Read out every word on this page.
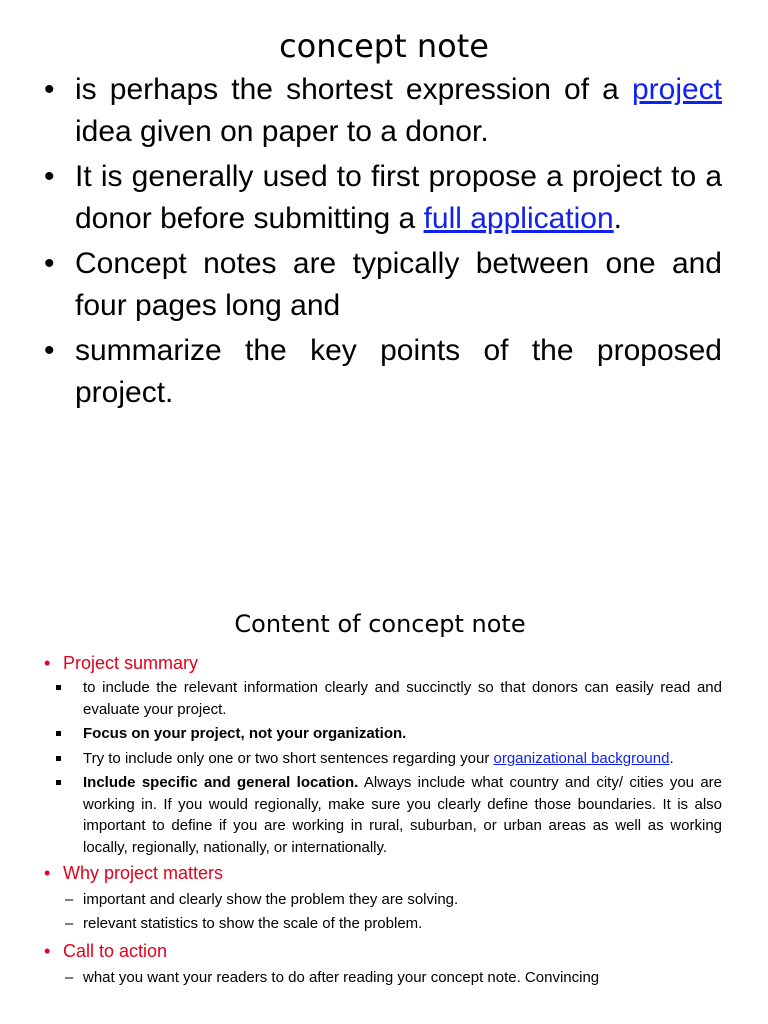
concept note
• is perhaps the shortest expression of a project idea given on paper to a donor.
• It is generally used to first propose a project to a donor before submitting a full application.
• Concept notes are typically between one and four pages long and
• summarize the key points of the proposed project.
Content of concept note
• Project summary
to include the relevant information clearly and succinctly so that donors can easily read and evaluate your project.
Focus on your project, not your organization.
Try to include only one or two short sentences regarding your organizational background.
Include specific and general location. Always include what country and city/ cities you are working in. If you would regionally, make sure you clearly define those boundaries. It is also important to define if you are working in rural, suburban, or urban areas as well as working locally, regionally, nationally, or internationally.
• Why project matters
– important and clearly show the problem they are solving.
– relevant statistics to show the scale of the problem.
• Call to action
– what you want your readers to do after reading your concept note. Convincing
